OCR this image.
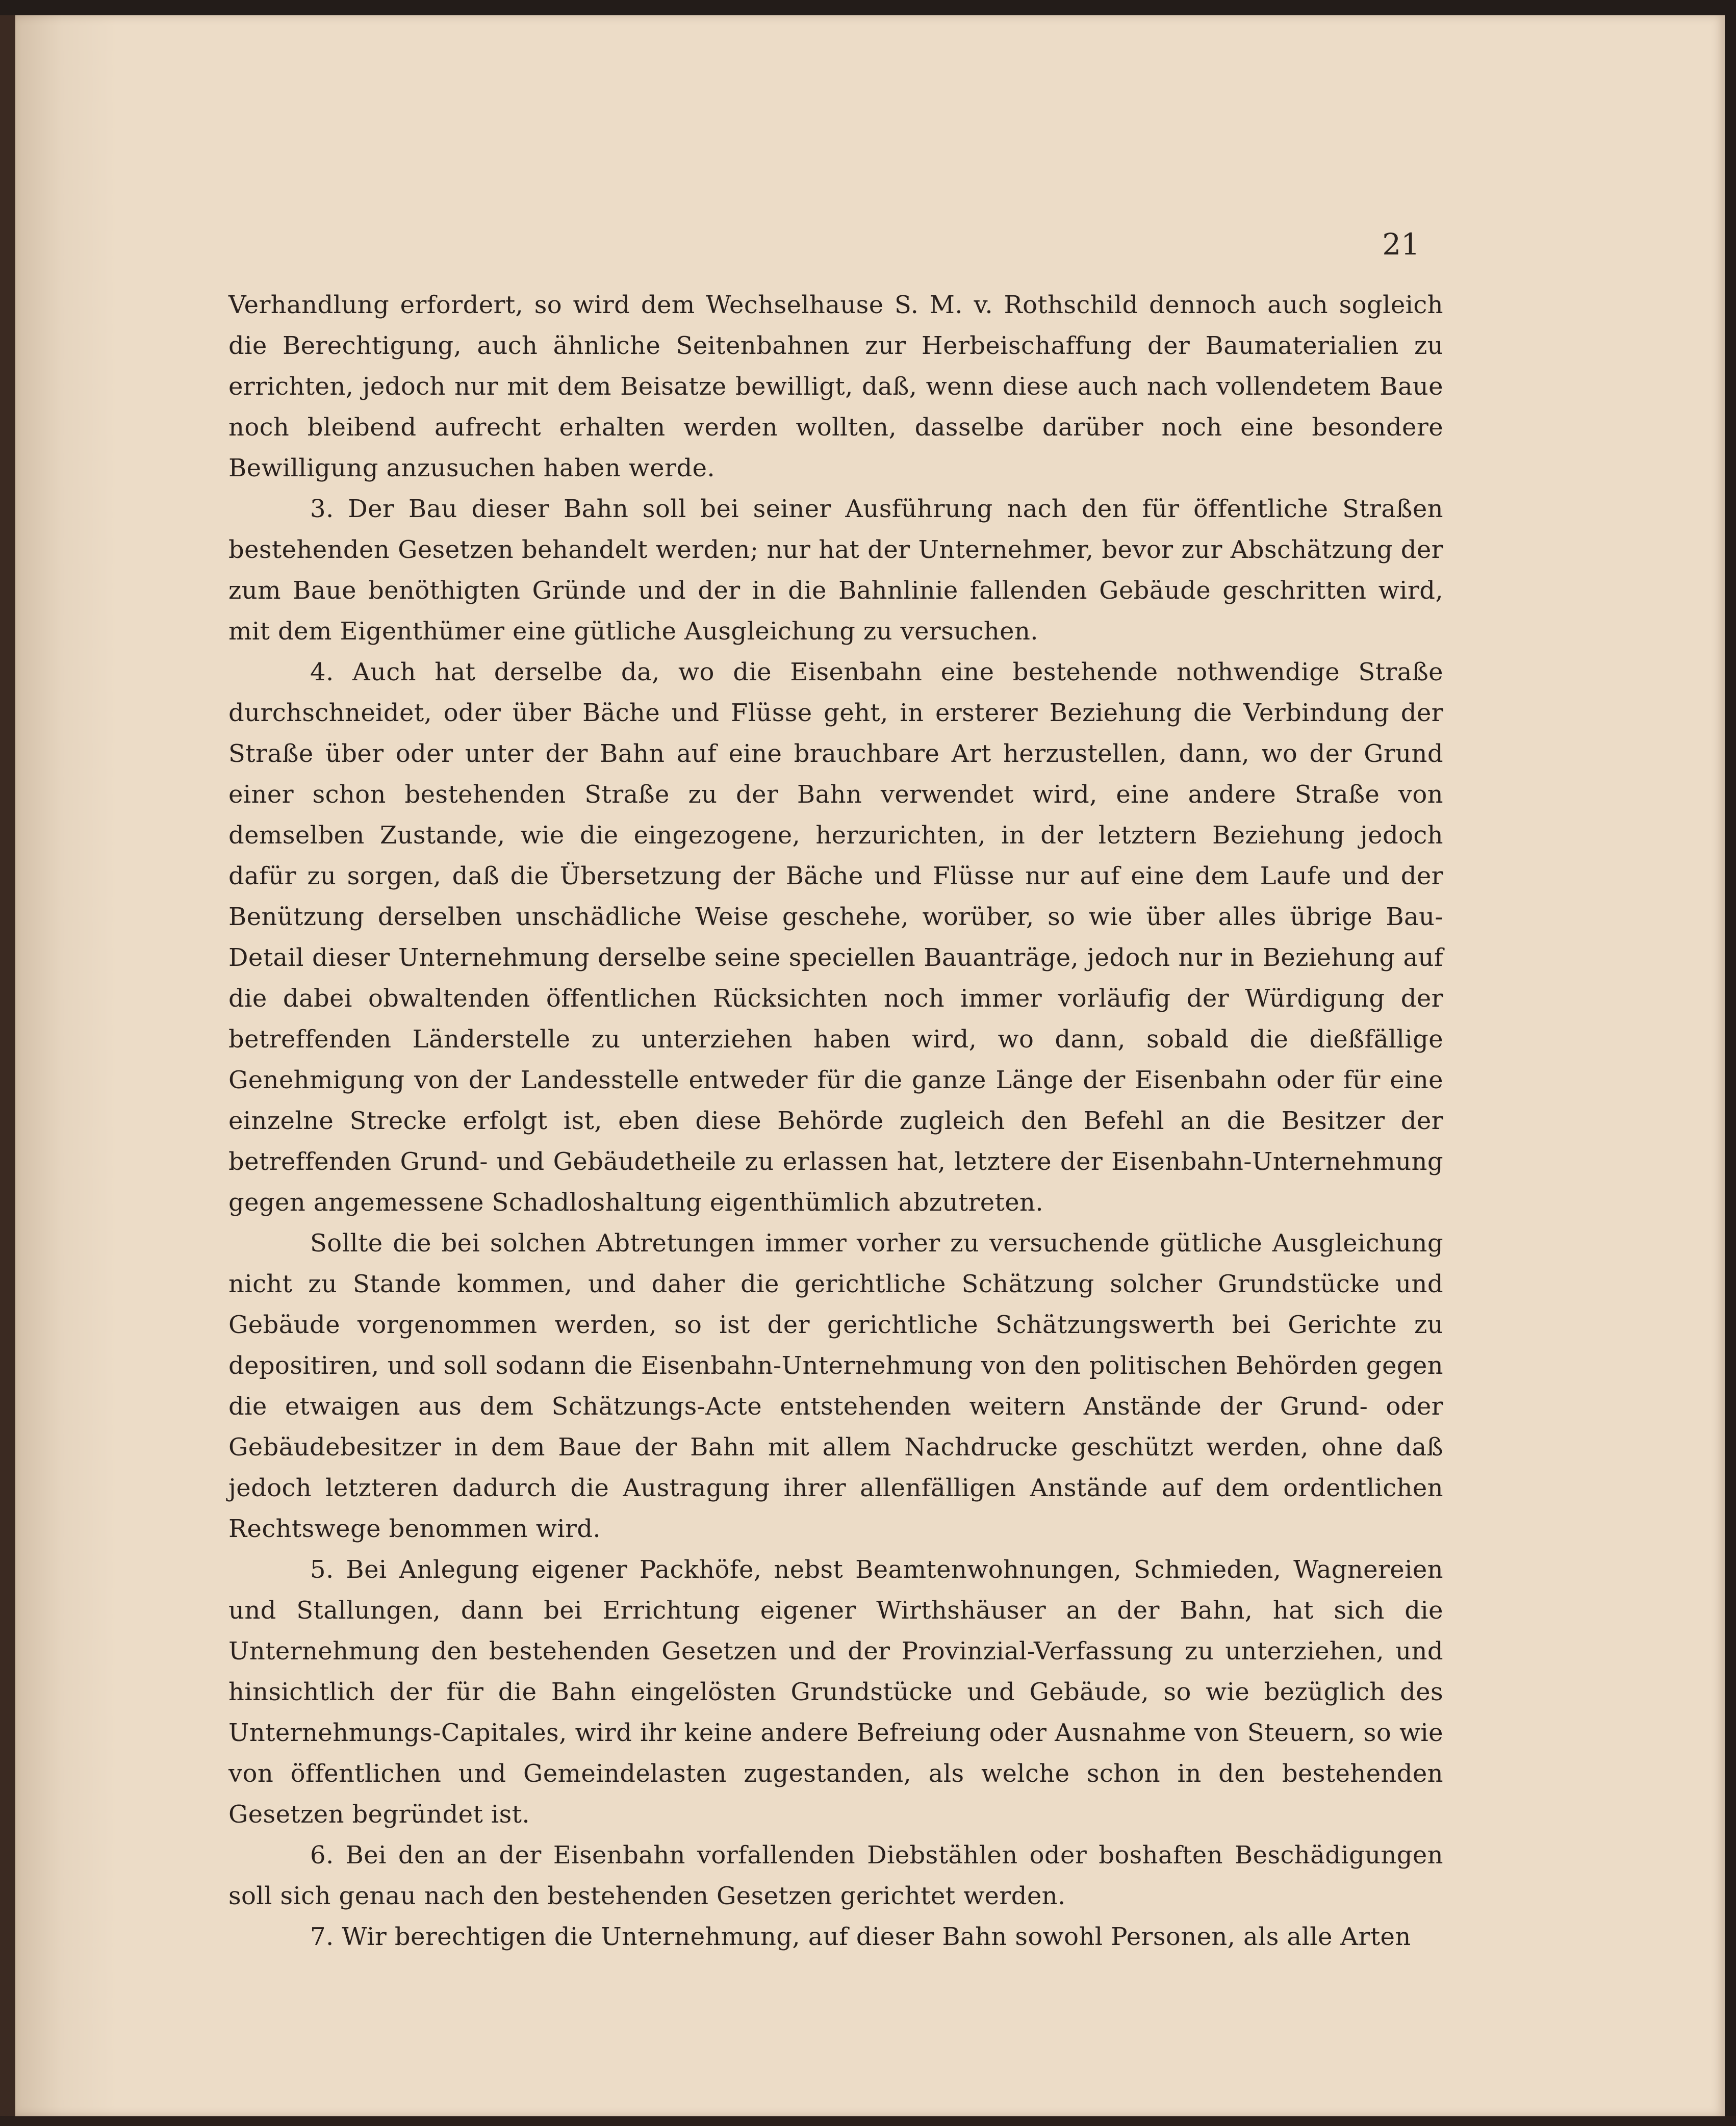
21

Verhandlung erfordert, so wird dem Wechselhause S. M. v. Rothschild dennoch auch sogleich die Berechtigung, auch ähnliche Seitenbahnen zur Herbeischaffung der Baumaterialien zu errichten, jedoch nur mit dem Beisatze bewilligt, daß, wenn diese auch nach vollendetem Baue noch bleibend aufrecht erhalten werden wollten, dasselbe darüber noch eine besondere Bewilligung anzusuchen haben werde.

3. Der Bau dieser Bahn soll bei seiner Ausführung nach den für öffentliche Straßen bestehenden Gesetzen behandelt werden; nur hat der Unternehmer, bevor zur Abschätzung der zum Baue benöthigten Gründe und der in die Bahnlinie fallenden Gebäude geschritten wird, mit dem Eigenthümer eine gütliche Ausgleichung zu versuchen.

4. Auch hat derselbe da, wo die Eisenbahn eine bestehende nothwendige Straße durchschneidet, oder über Bäche und Flüsse geht, in ersterer Beziehung die Verbindung der Straße über oder unter der Bahn auf eine brauchbare Art herzustellen, dann, wo der Grund einer schon bestehenden Straße zu der Bahn verwendet wird, eine andere Straße von demselben Zustande, wie die eingezogene, herzurichten, in der letztern Beziehung jedoch dafür zu sorgen, daß die Übersetzung der Bäche und Flüsse nur auf eine dem Laufe und der Benützung derselben unschädliche Weise geschehe, worüber, so wie über alles übrige Bau-Detail dieser Unternehmung derselbe seine speciellen Bauanträge, jedoch nur in Beziehung auf die dabei obwaltenden öffentlichen Rücksichten noch immer vorläufig der Würdigung der betreffenden Länderstelle zu unterziehen haben wird, wo dann, sobald die dießfällige Genehmigung von der Landesstelle entweder für die ganze Länge der Eisenbahn oder für eine einzelne Strecke erfolgt ist, eben diese Behörde zugleich den Befehl an die Besitzer der betreffenden Grund- und Gebäudetheile zu erlassen hat, letztere der Eisenbahn-Unternehmung gegen angemessene Schadloshaltung eigenthümlich abzutreten.

Sollte die bei solchen Abtretungen immer vorher zu versuchende gütliche Ausgleichung nicht zu Stande kommen, und daher die gerichtliche Schätzung solcher Grundstücke und Gebäude vorgenommen werden, so ist der gerichtliche Schätzungswerth bei Gerichte zu depositiren, und soll sodann die Eisenbahn-Unternehmung von den politischen Behörden gegen die etwaigen aus dem Schätzungs-Acte entstehenden weitern Anstände der Grund- oder Gebäudebesitzer in dem Baue der Bahn mit allem Nachdrucke geschützt werden, ohne daß jedoch letzteren dadurch die Austragung ihrer allenfälligen Anstände auf dem ordentlichen Rechtswege benommen wird.

5. Bei Anlegung eigener Packhöfe, nebst Beamtenwohnungen, Schmieden, Wagnereien und Stallungen, dann bei Errichtung eigener Wirthshäuser an der Bahn, hat sich die Unternehmung den bestehenden Gesetzen und der Provinzial-Verfassung zu unterziehen, und hinsichtlich der für die Bahn eingelösten Grundstücke und Gebäude, so wie bezüglich des Unternehmungs-Capitales, wird ihr keine andere Befreiung oder Ausnahme von Steuern, so wie von öffentlichen und Gemeindelasten zugestanden, als welche schon in den bestehenden Gesetzen begründet ist.

6. Bei den an der Eisenbahn vorfallenden Diebstählen oder boshaften Beschädigungen soll sich genau nach den bestehenden Gesetzen gerichtet werden.

7. Wir berechtigen die Unternehmung, auf dieser Bahn sowohl Personen, als alle Arten
